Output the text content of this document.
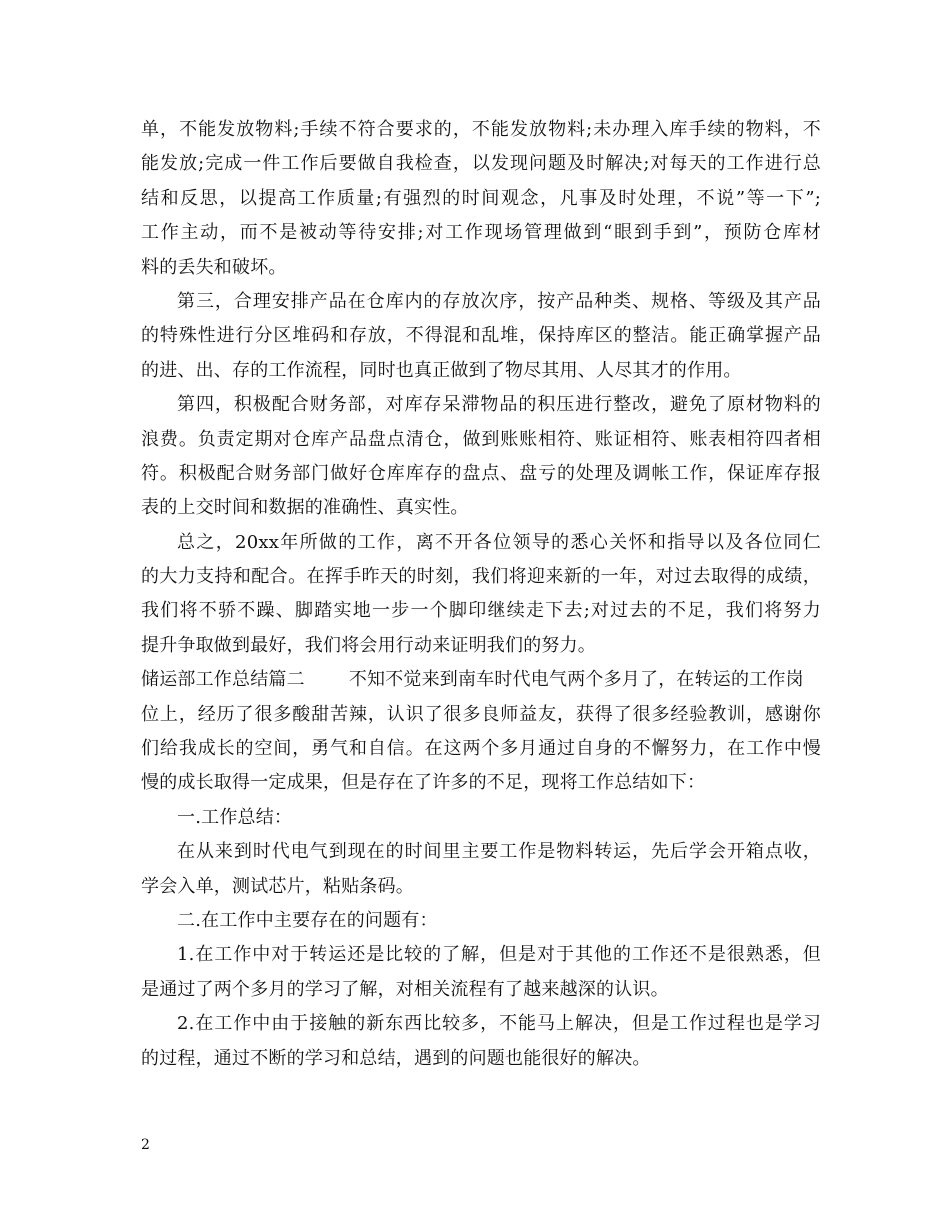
单，不能发放物料;手续不符合要求的，不能发放物料;未办理入库手续的物料，不
能发放;完成一件工作后要做自我检查，以发现问题及时解决;对每天的工作进行总
结和反思，以提高工作质量;有强烈的时间观念，凡事及时处理，不说”等一下”;
工作主动，而不是被动等待安排;对工作现场管理做到“眼到手到”，预防仓库材
料的丢失和破坏。
第三，合理安排产品在仓库内的存放次序，按产品种类、规格、等级及其产品
的特殊性进行分区堆码和存放，不得混和乱堆，保持库区的整洁。能正确掌握产品
的进、出、存的工作流程，同时也真正做到了物尽其用、人尽其才的作用。
第四，积极配合财务部，对库存呆滞物品的积压进行整改，避免了原材物料的
浪费。负责定期对仓库产品盘点清仓，做到账账相符、账证相符、账表相符四者相
符。积极配合财务部门做好仓库库存的盘点、盘亏的处理及调帐工作，保证库存报
表的上交时间和数据的准确性、真实性。
总之，20xx年所做的工作，离不开各位领导的悉心关怀和指导以及各位同仁
的大力支持和配合。在挥手昨天的时刻，我们将迎来新的一年，对过去取得的成绩，
我们将不骄不躁、脚踏实地一步一个脚印继续走下去;对过去的不足，我们将努力
提升争取做到最好，我们将会用行动来证明我们的努力。
储运部工作总结篇二 不知不觉来到南车时代电气两个多月了，在转运的工作岗
位上，经历了很多酸甜苦辣，认识了很多良师益友，获得了很多经验教训，感谢你
们给我成长的空间，勇气和自信。在这两个多月通过自身的不懈努力，在工作中慢
慢的成长取得一定成果，但是存在了许多的不足，现将工作总结如下：
一.工作总结：
在从来到时代电气到现在的时间里主要工作是物料转运，先后学会开箱点收，
学会入单，测试芯片，粘贴条码。
二.在工作中主要存在的问题有：
1.在工作中对于转运还是比较的了解，但是对于其他的工作还不是很熟悉，但
是通过了两个多月的学习了解，对相关流程有了越来越深的认识。
2.在工作中由于接触的新东西比较多，不能马上解决，但是工作过程也是学习
的过程，通过不断的学习和总结，遇到的问题也能很好的解决。
2
